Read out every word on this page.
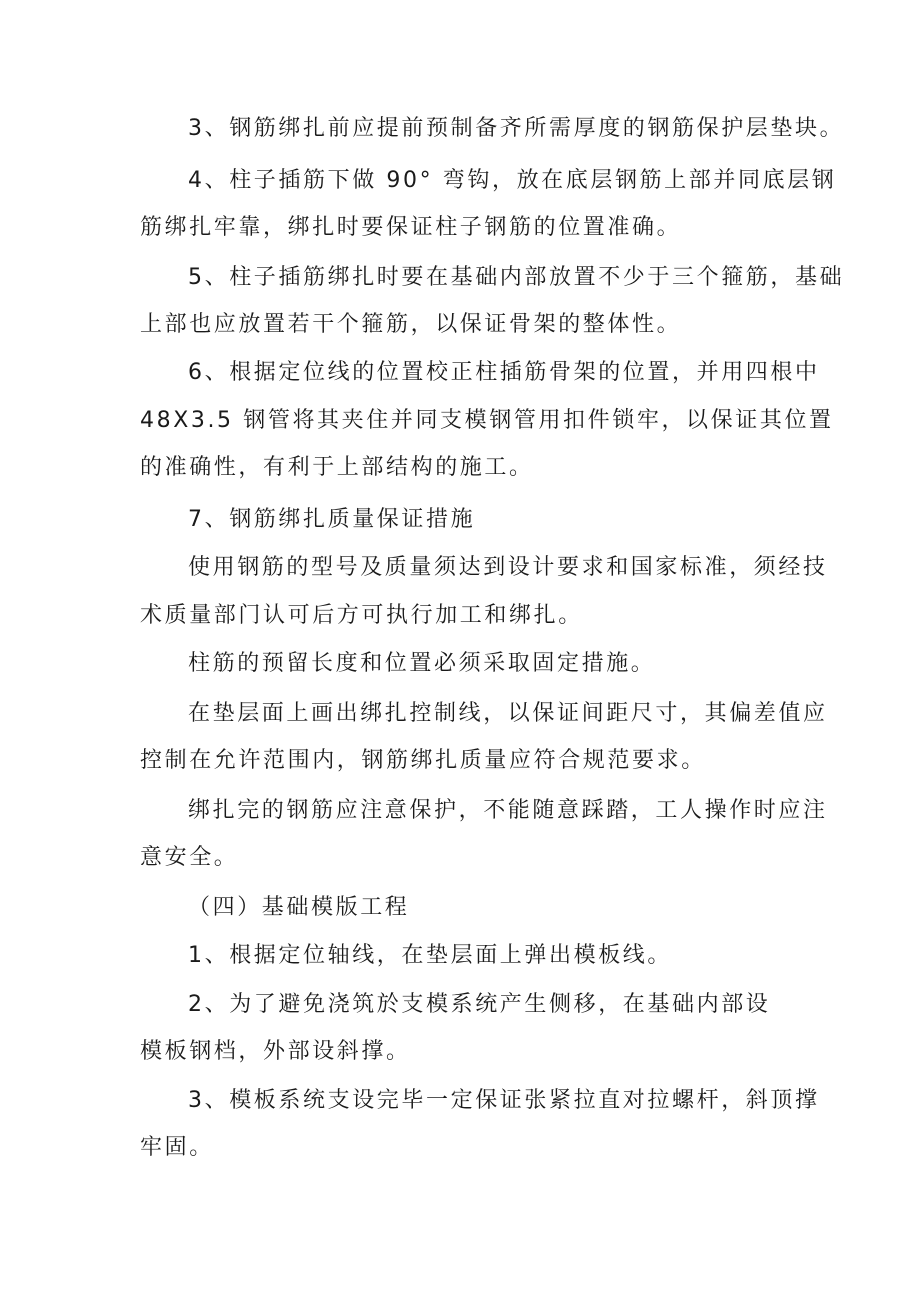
3、钢筋绑扎前应提前预制备齐所需厚度的钢筋保护层垫块。
4、柱子插筋下做 90° 弯钩，放在底层钢筋上部并同底层钢
筋绑扎牢靠，绑扎时要保证柱子钢筋的位置准确。
5、柱子插筋绑扎时要在基础内部放置不少于三个箍筋，基础
上部也应放置若干个箍筋，以保证骨架的整体性。
6、根据定位线的位置校正柱插筋骨架的位置，并用四根中
48X3.5 钢管将其夹住并同支模钢管用扣件锁牢，以保证其位置
的准确性，有利于上部结构的施工。
7、钢筋绑扎质量保证措施
使用钢筋的型号及质量须达到设计要求和国家标准，须经技
术质量部门认可后方可执行加工和绑扎。
柱筋的预留长度和位置必须采取固定措施。
在垫层面上画出绑扎控制线，以保证间距尺寸，其偏差值应
控制在允许范围内，钢筋绑扎质量应符合规范要求。
绑扎完的钢筋应注意保护，不能随意踩踏，工人操作时应注
意安全。
（四）基础模版工程
1、根据定位轴线，在垫层面上弹出模板线。
2、为了避免浇筑於支模系统产生侧移，在基础内部设
模板钢档，外部设斜撑。
3、模板系统支设完毕一定保证张紧拉直对拉螺杆，斜顶撑
牢固。
